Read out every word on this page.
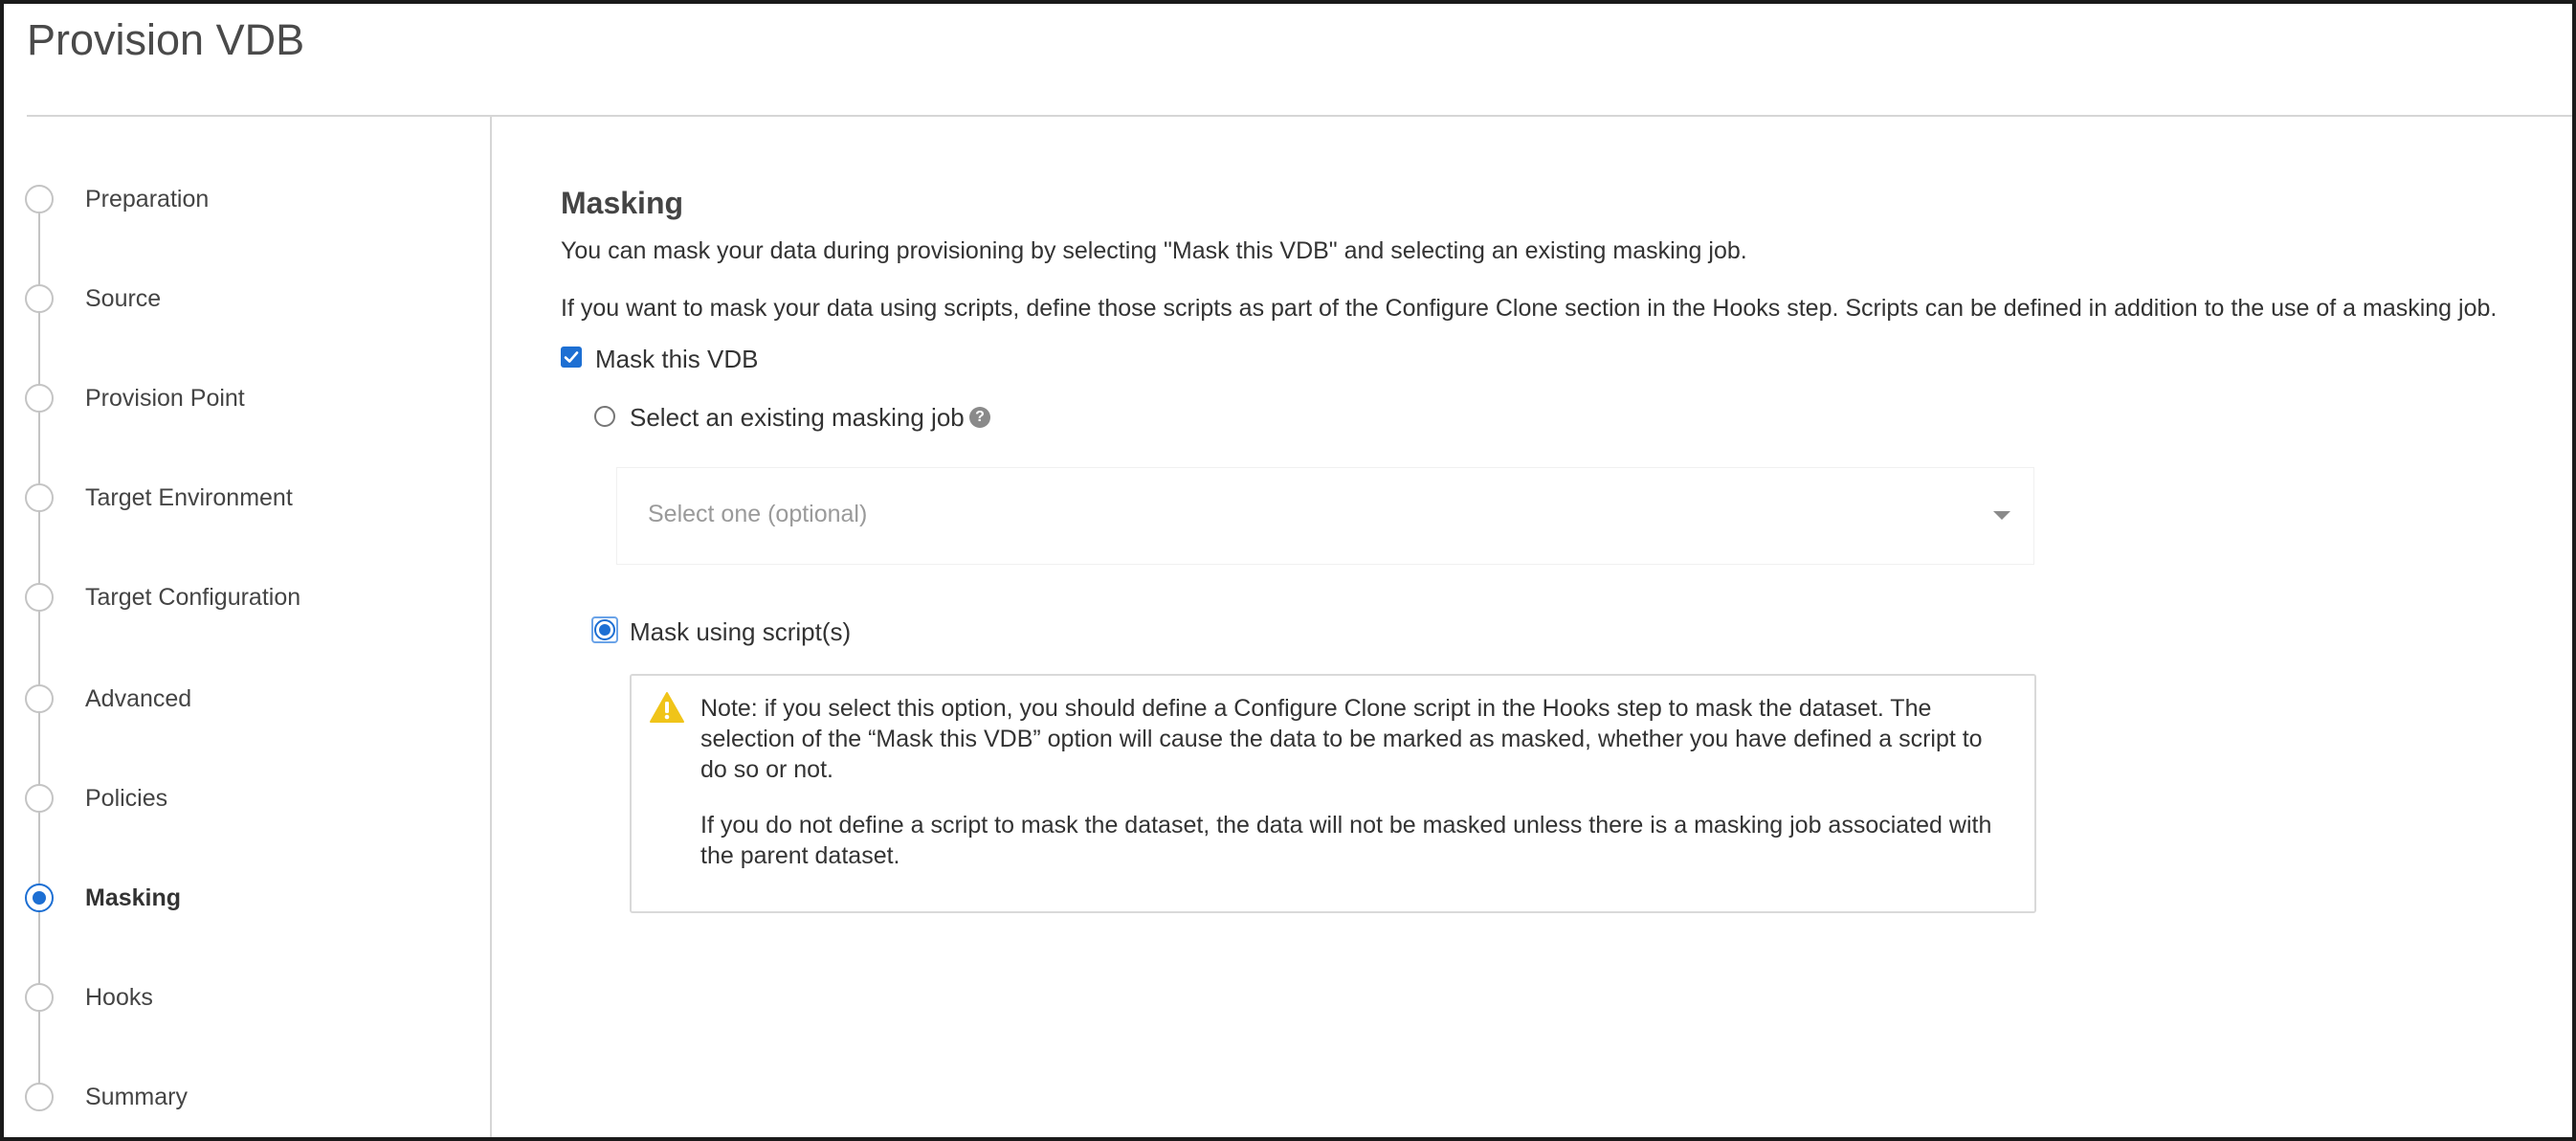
Provision VDB
Preparation
Source
Provision Point
Target Environment
Target Configuration
Advanced
Policies
Masking
Hooks
Summary
Masking

You can mask your data during provisioning by selecting "Mask this VDB" and selecting an existing masking job.

If you want to mask your data using scripts, define those scripts as part of the Configure Clone section in the Hooks step. Scripts can be defined in addition to the use of a masking job.

Mask this VDB
Select an existing masking job ?
Select one (optional)
Mask using script(s)

Note: if you select this option, you should define a Configure Clone script in the Hooks step to mask the dataset. The selection of the “Mask this VDB” option will cause the data to be marked as masked, whether you have defined a script to do so or not.

If you do not define a script to mask the dataset, the data will not be masked unless there is a masking job associated with the parent dataset.
